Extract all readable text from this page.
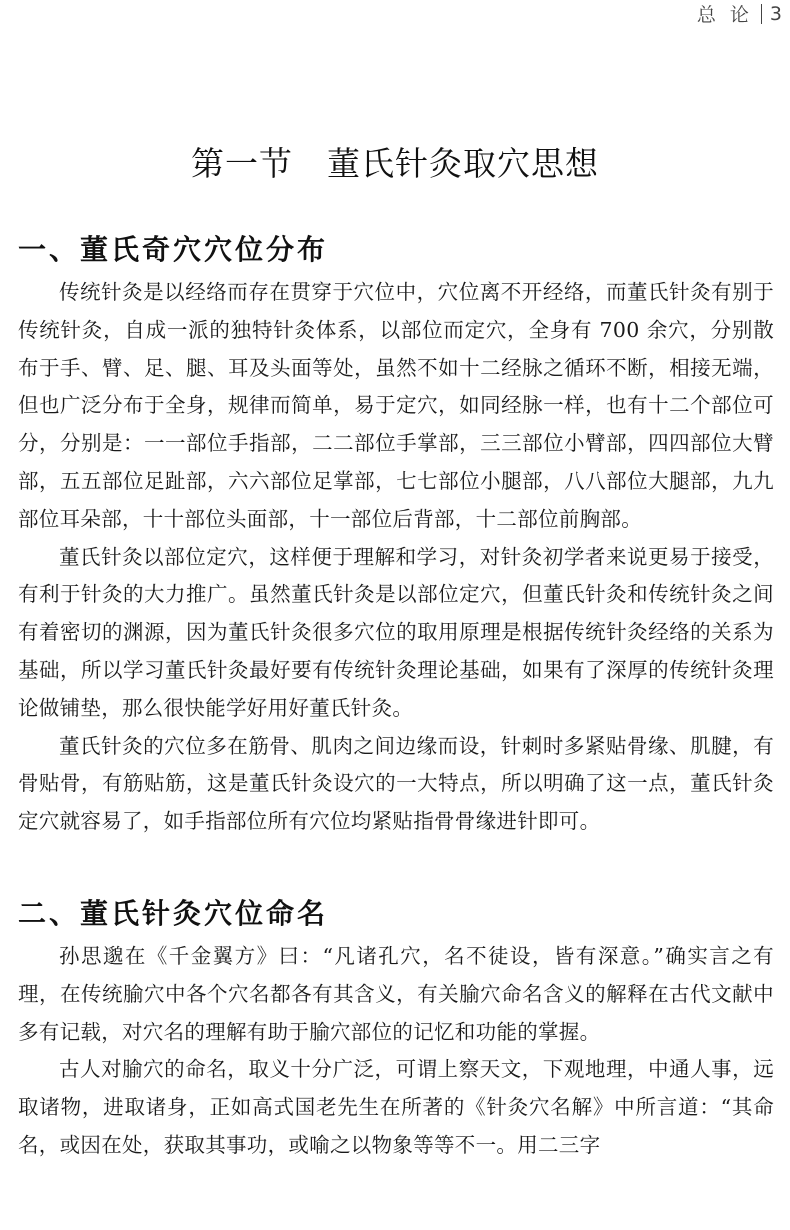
总 论 3
第一节 董氏针灸取穴思想
一、董氏奇穴穴位分布

传统针灸是以经络而存在贯穿于穴位中，穴位离不开经络，而董氏针灸有别于传统针灸，自成一派的独特针灸体系，以部位而定穴，全身有 700 余穴，分别散布于手、臂、足、腿、耳及头面等处，虽然不如十二经脉之循环不断，相接无端，但也广泛分布于全身，规律而简单，易于定穴，如同经脉一样，也有十二个部位可分，分别是：一一部位手指部，二二部位手掌部，三三部位小臂部，四四部位大臂部，五五部位足趾部，六六部位足掌部，七七部位小腿部，八八部位大腿部，九九部位耳朵部，十十部位头面部，十一部位后背部，十二部位前胸部。

董氏针灸以部位定穴，这样便于理解和学习，对针灸初学者来说更易于接受，有利于针灸的大力推广。虽然董氏针灸是以部位定穴，但董氏针灸和传统针灸之间有着密切的渊源，因为董氏针灸很多穴位的取用原理是根据传统针灸经络的关系为基础，所以学习董氏针灸最好要有传统针灸理论基础，如果有了深厚的传统针灸理论做铺垫，那么很快能学好用好董氏针灸。

董氏针灸的穴位多在筋骨、肌肉之间边缘而设，针刺时多紧贴骨缘、肌腱，有骨贴骨，有筋贴筋，这是董氏针灸设穴的一大特点，所以明确了这一点，董氏针灸定穴就容易了，如手指部位所有穴位均紧贴指骨骨缘进针即可。

二、董氏针灸穴位命名

孙思邈在《千金翼方》曰：“凡诸孔穴，名不徒设，皆有深意。”确实言之有理，在传统腧穴中各个穴名都各有其含义，有关腧穴命名含义的解释在古代文献中多有记载，对穴名的理解有助于腧穴部位的记忆和功能的掌握。

古人对腧穴的命名，取义十分广泛，可谓上察天文，下观地理，中通人事，远取诸物，进取诸身，正如高式国老先生在所著的《针灸穴名解》中所言道：“其命名，或因在处，获取其事功，或喻之以物象等等不一。用二三字
